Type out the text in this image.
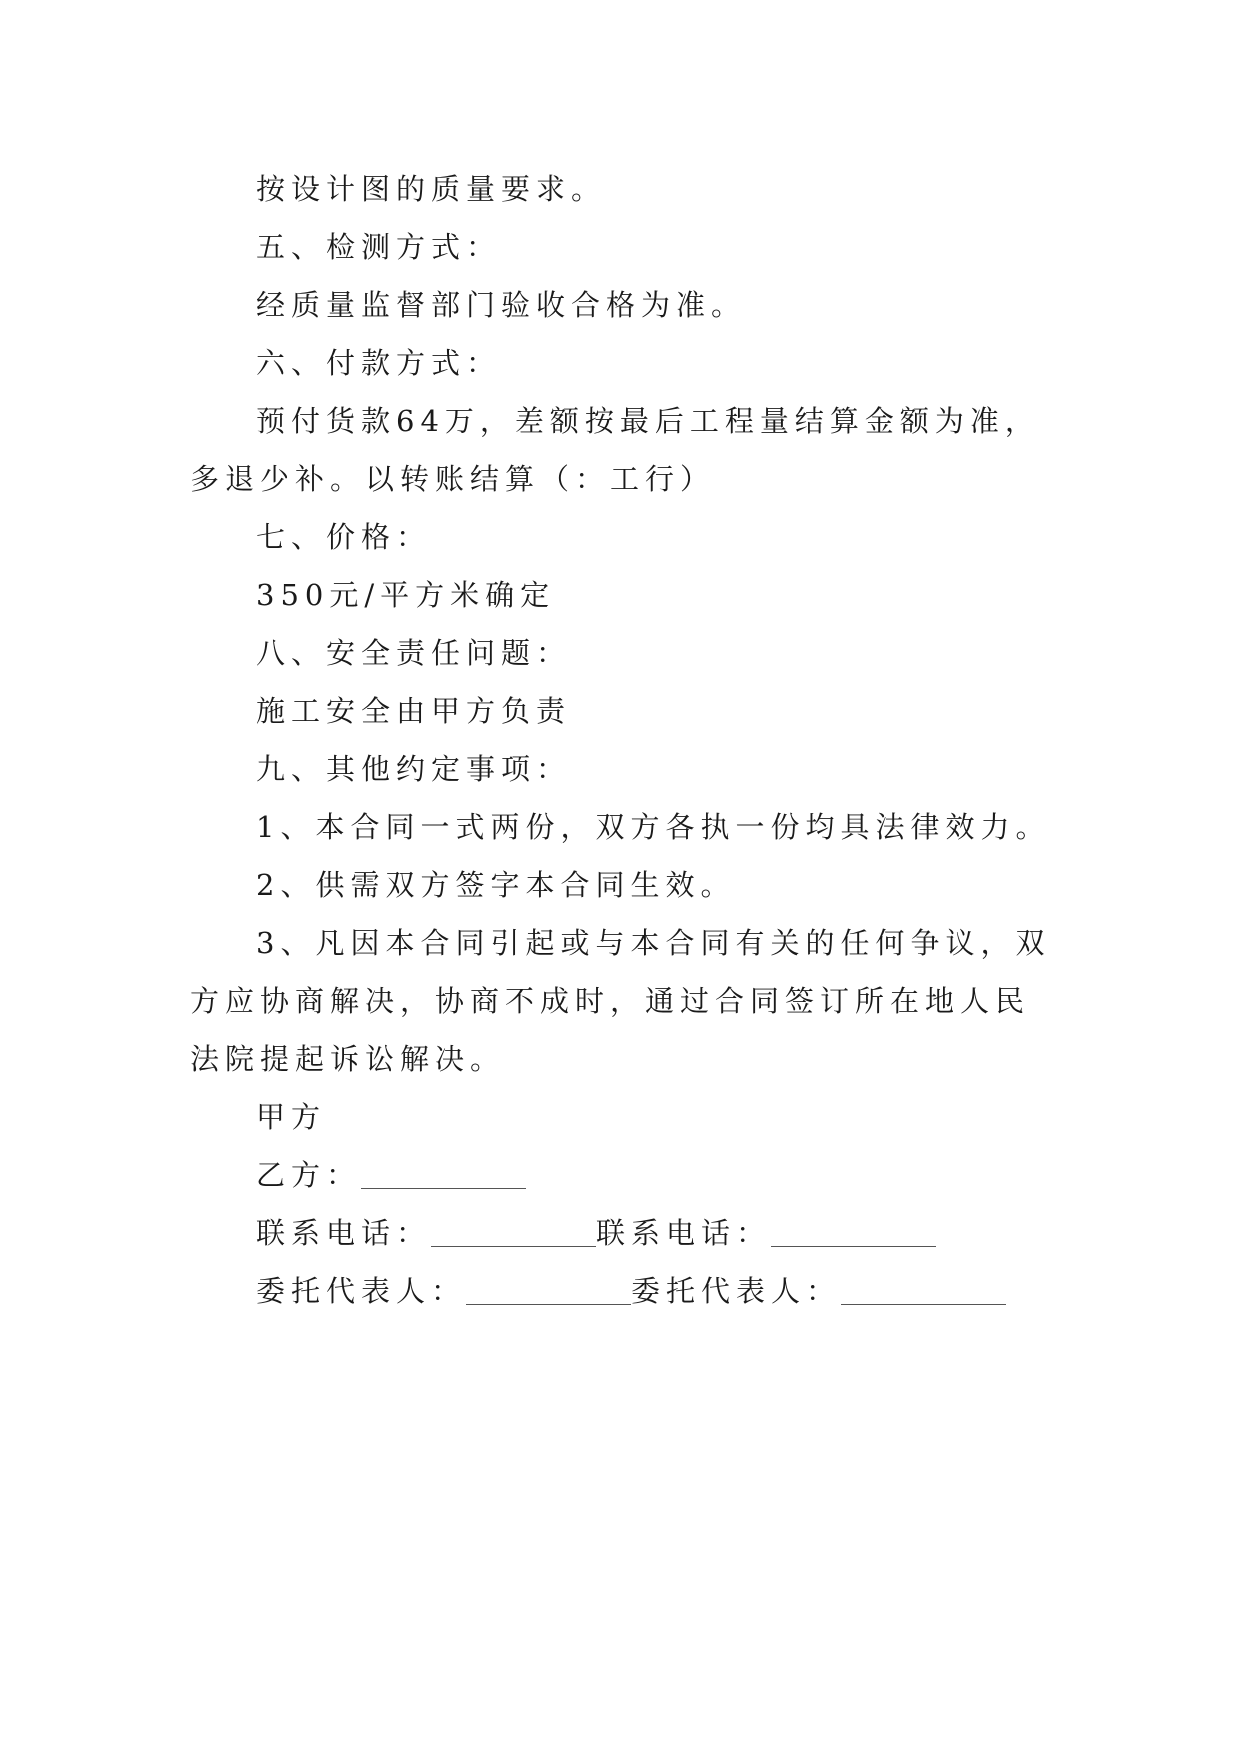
按设计图的质量要求。

五、检测方式：

经质量监督部门验收合格为准。

六、付款方式：

预付货款64万，差额按最后工程量结算金额为准，多退少补。以转账结算（：工行）

七、价格：

350元/平方米确定

八、安全责任问题：

施工安全由甲方负责

九、其他约定事项：

1、本合同一式两份，双方各执一份均具法律效力。

2、供需双方签字本合同生效。

3、凡因本合同引起或与本合同有关的任何争议，双方应协商解决，协商不成时，通过合同签订所在地人民法院提起诉讼解决。

甲方

乙方：

联系电话：	联系电话：

委托代表人：	委托代表人：
